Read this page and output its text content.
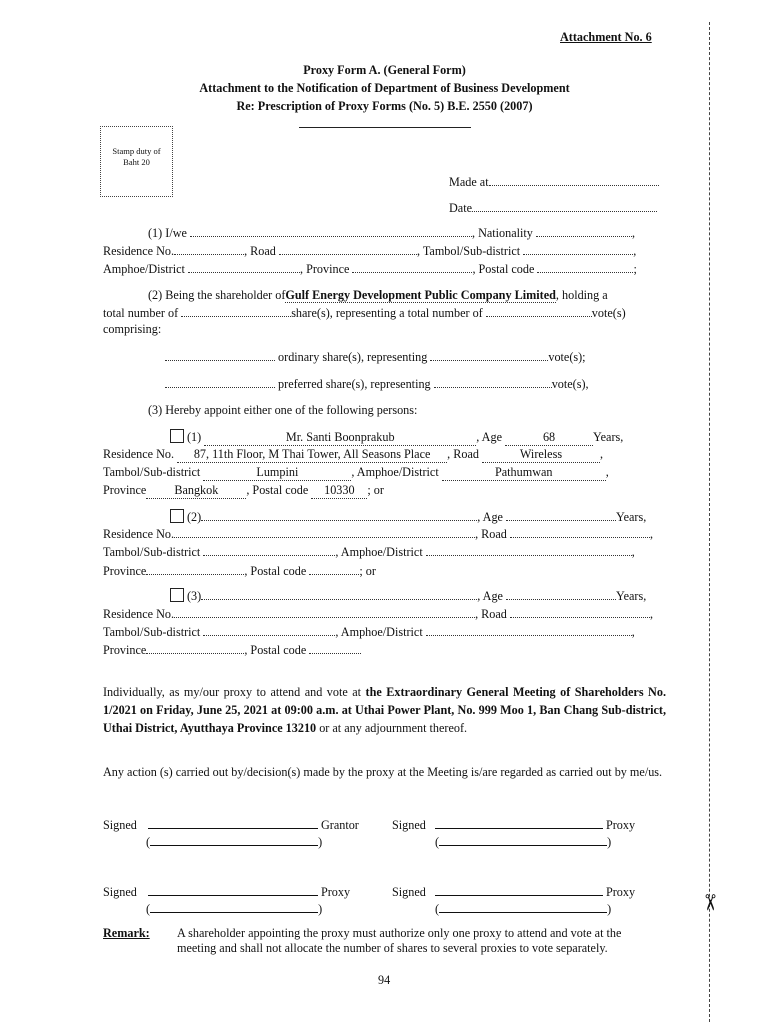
✂
Attachment No. 6
Proxy Form A. (General Form)
Attachment to the Notification of Department of Business Development
Re: Prescription of Proxy Forms (No. 5) B.E. 2550 (2007)
Stamp duty of
Baht 20
Made at
Date
(1) I/we	, Nationality	,
Residence No.	, Road	, Tambol/Sub-district	,
Amphoe/District	, Province	, Postal code	;
(2) Being the shareholder ofGulf Energy Development Public Company Limited, holding a
total number of	share(s), representing a total number of	vote(s)
comprising:
ordinary share(s), representing	vote(s);
preferred share(s), representing	vote(s),
(3) Hereby appoint either one of the following persons:
(1)	Mr. Santi Boonprakub	, Age	68	Years,
Residence No. 87, 11th Floor, M Thai Tower, All Seasons Place , Road	Wireless	,
Tambol/Sub-district	Lumpini	, Amphoe/District	Pathumwan	,
Province Bangkok , Postal code 10330 ; or
(2)	, Age	Years,
Residence No.	, Road	,
Tambol/Sub-district	, Amphoe/District	,
Province	, Postal code	; or
(3)	, Age	Years,
Residence No.	, Road	,
Tambol/Sub-district	, Amphoe/District	,
Province	, Postal code
Individually, as my/our proxy to attend and vote at the Extraordinary General Meeting of Shareholders No. 1/2021 on Friday, June 25, 2021 at 09:00 a.m. at Uthai Power Plant, No. 999 Moo 1, Ban Chang Sub-district, Uthai District, Ayutthaya Province 13210 or at any adjournment thereof.
Any action (s) carried out by/decision(s) made by the proxy at the Meeting is/are regarded as carried out by me/us.
Signed	Grantor
(	)
Signed	Proxy
(	)
Signed	Proxy
(	)
Signed	Proxy
(	)
Remark: A shareholder appointing the proxy must authorize only one proxy to attend and vote at the
meeting and shall not allocate the number of shares to several proxies to vote separately.
94
